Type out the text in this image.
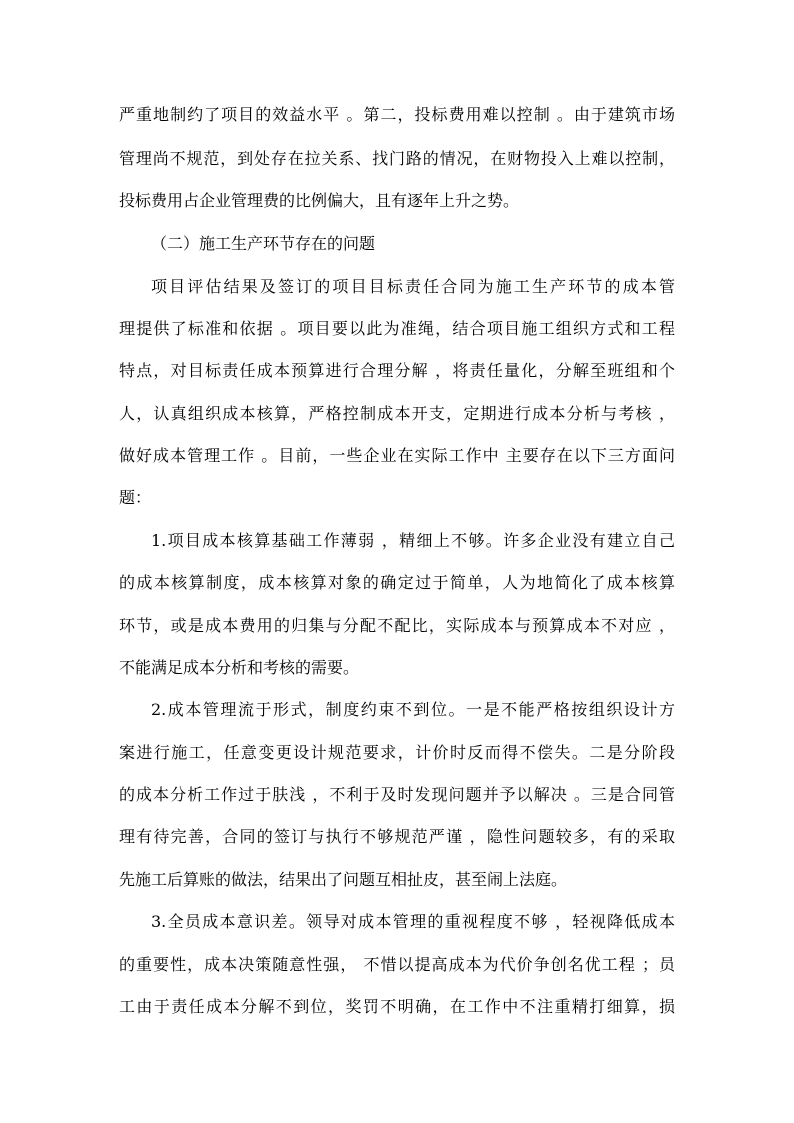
严重地制约了项目的效益水平 。第二，投标费用难以控制 。由于建筑市场
管理尚不规范，到处存在拉关系、找门路的情况，在财物投入上难以控制，
投标费用占企业管理费的比例偏大，且有逐年上升之势。
（二）施工生产环节存在的问题
项目评估结果及签订的项目目标责任合同为施工生产环节的成本管
理提供了标准和依据 。项目要以此为准绳，结合项目施工组织方式和工程
特点，对目标责任成本预算进行合理分解 ，将责任量化，分解至班组和个
人，认真组织成本核算，严格控制成本开支，定期进行成本分析与考核 ，
做好成本管理工作 。目前，一些企业在实际工作中 主要存在以下三方面问
题：
1.项目成本核算基础工作薄弱 ，精细上不够。许多企业没有建立自己
的成本核算制度，成本核算对象的确定过于简单，人为地简化了成本核算
环节，或是成本费用的归集与分配不配比，实际成本与预算成本不对应 ，
不能满足成本分析和考核的需要。
2.成本管理流于形式，制度约束不到位。一是不能严格按组织设计方
案进行施工，任意变更设计规范要求，计价时反而得不偿失。二是分阶段
的成本分析工作过于肤浅 ，不利于及时发现问题并予以解决 。三是合同管
理有待完善，合同的签订与执行不够规范严谨 ，隐性问题较多，有的采取
先施工后算账的做法，结果出了问题互相扯皮，甚至闹上法庭。
3.全员成本意识差。领导对成本管理的重视程度不够 ，轻视降低成本
的重要性，成本决策随意性强， 不惜以提高成本为代价争创名优工程 ；员
工由于责任成本分解不到位，奖罚不明确，在工作中不注重精打细算，损
